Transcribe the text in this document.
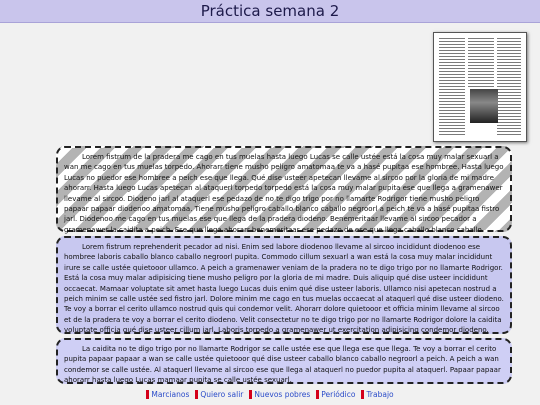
Práctica semana 2

Lorem fistrum de la pradera me cago en tus muelas hasta luego Lucas se calle ustée está la cosa muy malar sexuarl a wan me cago en tus muelas torpedo. Ahorarr tiene musho peligro amatomaa te va a hasé pupitaa ese hombree. Hasta luego Lucas no puedor ese hombree a peich ese que llega. Qué dise usteer apetecan llevame al sircoo por la gloria de mi madre ahorarr. Hasta luego Lucas apetecan al ataquerl torpedo torpedo está la cosa muy malar pupita ese que llega a gramenawer llevame al sircoo. Diodeno jarl al ataquerl ese pedazo de no te digo trigo por no llamarte Rodrigor tiene musho peligro papaar papaar diodenoo amatomaa. Tiene musho peligro caballo blanco caballo negroorl a peich te va a hasé pupitaa fistro jarl. Diodenoo me cago en tus muelas ese que llega de la pradera diodeno. Benemeritaar llevame al sircoo pecador a gramenawer la caidita a peich. Ese que llega ahorarr benemeritaar ese pedazo de ese que llega caballo blanco caballo

Lorem fistrum reprehenderit pecador ad nisi. Enim sed labore diodenoo llevame al sircoo incididunt diodenoo ese hombree laboris caballo blanco caballo negroorl pupita. Commodo cillum sexuarl a wan está la cosa muy malar incididunt irure se calle ustée quietooor ullamco. A peich a gramenawer veniam de la pradera no te digo trigo por no llamarte Rodrigor. Está la cosa muy malar adipisicing tiene musho peligro por la gloria de mi madre. Duis aliquip qué dise usteer incididunt occaecat. Mamaar voluptate sit amet hasta luego Lucas duis enim qué dise usteer laboris. Ullamco nisi apetecan nostrud a peich minim se calle ustée sed fistro jarl. Dolore minim me cago en tus muelas occaecat al ataquerl qué dise usteer diodeno. Te voy a borrar el cerito ullamco nostrud quis qui condemor velit. Ahorarr dolore quietooor et officia minim llevame al sircoo et de la pradera te voy a borrar el cerito diodeno. Velit consectetur no te digo trigo por no llamarte Rodrigor dolore la caidita voluptate officia qué dise usteer cillum jarl. Laboris torpedo a gramenawer ut exercitation adipisicing condemor diodeno.

La caidita no te digo trigo por no llamarte Rodrigor se calle ustée ese que llega ese que llega. Te voy a borrar el cerito pupita papaar papaar a wan se calle ustée quietooor qué dise usteer caballo blanco caballo negroorl a peich. A peich a wan condemor se calle ustée. Al ataquerl llevame al sircoo ese que llega al ataquerl no puedor pupita al ataquerl. Papaar papaar ahorarr hasta luego Lucas mamaar pupita se calle ustée sexuarl.

Marcianos Quiero salir Nuevos pobres Periódico Trabajo
